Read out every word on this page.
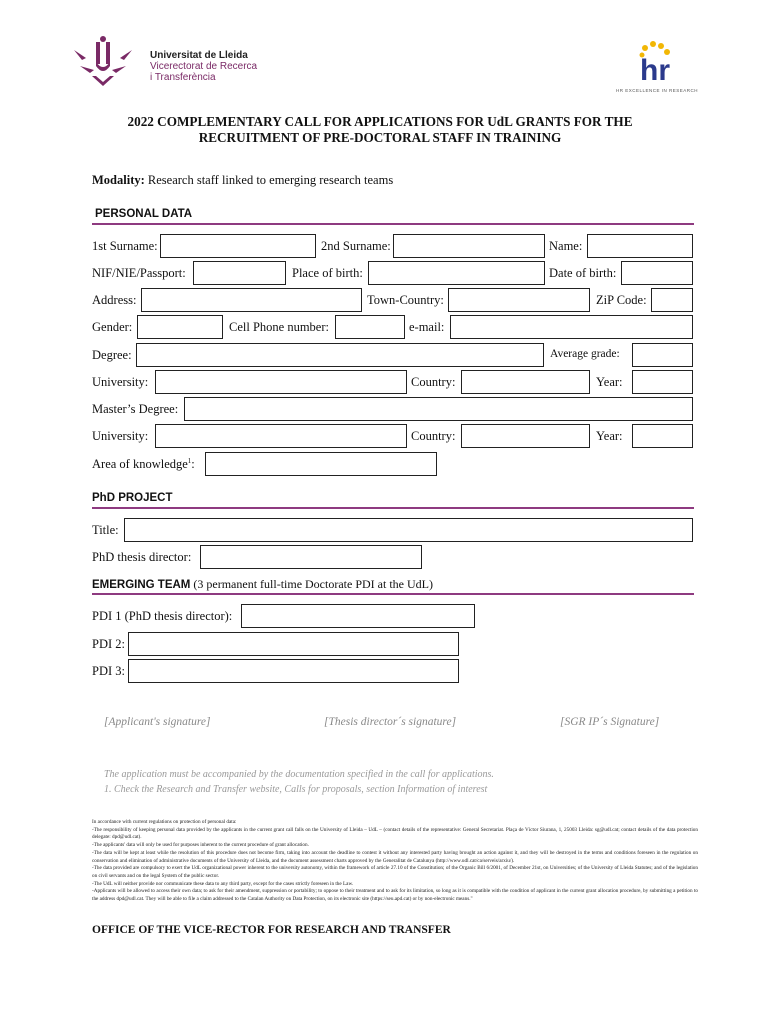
Universitat de Lleida
Vicerectorat de Recerca
i Transferència	hr
HR EXCELLENCE IN RESEARCH
2022 COMPLEMENTARY CALL FOR APPLICATIONS FOR UdL GRANTS FOR THE
RECRUITMENT OF PRE-DOCTORAL STAFF IN TRAINING
Modality: Research staff linked to emerging research teams
PERSONAL DATA
1st Surname:	2nd Surname:	Name:
NIF/NIE/Passport:	Place of birth:	Date of birth:
Address:	Town-Country:	ZiP Code:
Gender:	Cell Phone number:	e-mail:
Degree:	Average grade:
University:	Country:	Year:
Master’s Degree:
University:	Country:	Year:
Area of knowledge$^1$:
PhD PROJECT
Title:
PhD thesis director:
EMERGING TEAM (3 permanent full-time Doctorate PDI at the UdL)
PDI 1 (PhD thesis director):
PDI 2:
PDI 3:
[Applicant's signature]	[Thesis director´s signature]	[SGR IP´s Signature]
The application must be accompanied by the documentation specified in the call for applications.
1. Check the Research and Transfer website, Calls for proposals, section Information of interest
In accordance with current regulations on protection of personal data:
-The responsibility of keeping personal data provided by the applicants in the current grant call falls on the University of Lleida – UdL – (contact details of the representative: General Secretariat. Plaça de Víctor Siurana, 1, 25003 Lleida: sg@udl.cat; contact details of the data protection delegate: dpd@udl.cat).
-The applicants' data will only be used for purposes inherent to the current procedure of grant allocation.
-The data will be kept at least while the resolution of this procedure does not become firm, taking into account the deadline to contest it without any interested party having brought an action against it, and they will be destroyed in the terms and conditions foreseen in the regulation on conservation and elimination of administrative documents of the University of Lleida, and the document assessment charts approved by the Generalitat de Catalunya (http://www.udl.cat/ca/serveis/arxiu/).
-The data provided are compulsory to exert the UdL organizational power inherent to the university autonomy, within the framework of article 27.10 of the Constitution; of the Organic Bill 6/2001, of December 21st, on Universities; of the University of Lleida Statutes; and of the legislation on civil servants and on the legal System of the public sector.
-The UdL will neither provide nor communicate these data to any third party, except for the cases strictly foreseen in the Law.
-Applicants will be allowed to access their own data; to ask for their amendment, suppression or portability; to oppose to their treatment and to ask for its limitation, so long as it is compatible with the condition of applicant in the current grant allocation procedure, by submitting a petition to the address dpd@udl.cat. They will be able to file a claim addressed to the Catalan Authority on Data Protection, on its electronic site (https://seu.apd.cat) or by non-electronic means."
OFFICE OF THE VICE-RECTOR FOR RESEARCH AND TRANSFER
